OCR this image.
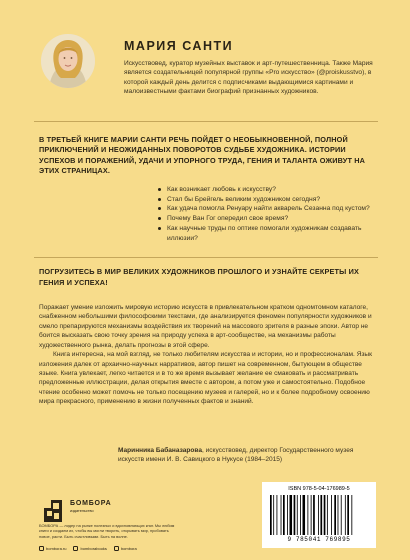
МАРИЯ САНТИ

Искусствовед, куратор музейных выставок и арт-путешественница. Также Мария является создательницей популярной группы «Pro искусство» (@proiskusstvo), в которой каждый день делится с подписчиками выдающимися картинами и малоизвестными фактами биографий признанных художников.

В ТРЕТЬЕЙ КНИГЕ МАРИИ САНТИ РЕЧЬ ПОЙДЕТ О НЕОБЫКНОВЕННОЙ, ПОЛНОЙ ПРИКЛЮЧЕНИЙ И НЕОЖИДАННЫХ ПОВОРОТОВ СУДЬБЕ ХУДОЖНИКА. ИСТОРИИ УСПЕХОВ И ПОРАЖЕНИЙ, УДАЧИ И УПОРНОГО ТРУДА, ГЕНИЯ И ТАЛАНТА ОЖИВУТ НА ЭТИХ СТРАНИЦАХ.
Как возникает любовь к искусству?
Стал бы Брейгель великим художником сегодня?
Как удача помогла Ренуару найти акварель Сезанна под кустом?
Почему Ван Гог опередил свое время?
Как научные труды по оптике помогали художникам создавать иллюзии?
ПОГРУЗИТЕСЬ В МИР ВЕЛИКИХ ХУДОЖНИКОВ ПРОШЛОГО И УЗНАЙТЕ СЕКРЕТЫ ИХ ГЕНИЯ И УСПЕХА!

Поражает умение изложить мировую историю искусств в привлекательном кратком одномтомном каталоге, снабженном небольшими философскими текстами, где анализируется феномен популярности художников и смело препарируются механизмы воздействия их творений на массового зрителя в разные эпохи. Автор не боится высказать свою точку зрения на природу успеха в арт-сообществе, на механизмы работы художественного рынка, делать прогнозы в этой сфере.

Книга интересна, на мой взгляд, не только любителям искусства и истории, но и профессионалам. Язык изложения далек от архаично-научных нарративов, автор пишет на современном, бытующем в обществе языке. Книга увлекает, легко читается и в то же время вызывает желание ее смаковать и рассматривать предложенные иллюстрации, делая открытия вместе с автором, а потом уже и самостоятельно. Подобное чтение особенно может помочь не только посещению музеев и галерей, но и к более подробному освоению мира прекрасного, применению в жизни полученных фактов и знаний.

Маринника Бабаназарова, искусствовед, директор Государственного музея искусств имени И. В. Савицкого в Нукусе (1984–2015)
БОМБОРА
издательство
БОМБОРА — лидер на рынке полезных и вдохновляющих книг. Мы любим книги и создаем их, чтобы вы могли творить, открывать мир, пробовать новое, расти. Быть счастливыми. Быть на волне.
bombora.ru	bomborabooks	bombora
ISBN 978-5-04-176989-5
9 785041 769895
